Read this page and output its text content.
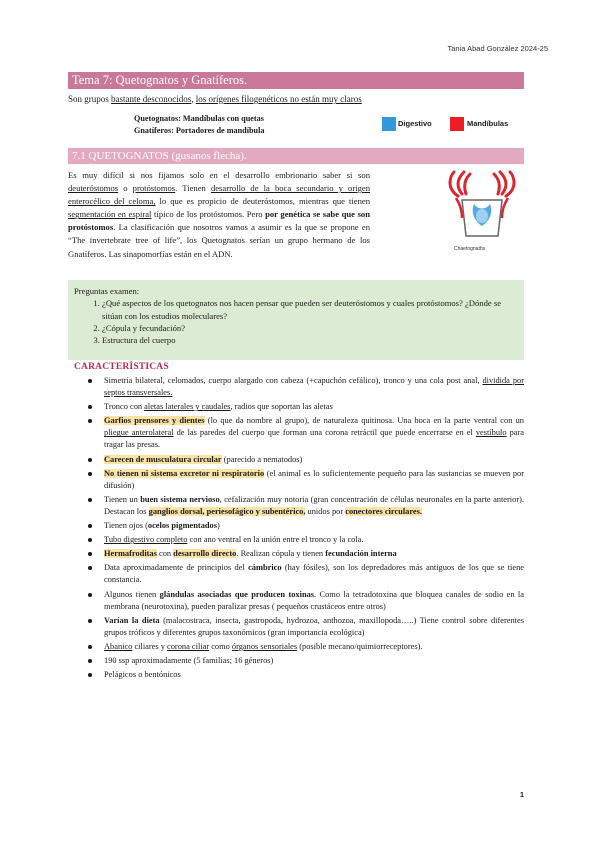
Tania Abad González 2024-25
Tema 7: Quetognatos y Gnatíferos.
Son grupos bastante desconocidos, los orígenes filogenéticos no están muy claros
Quetognatos: Mandíbulas con quetas
Gnatíferos: Portadores de mandíbula
Digestivo	Mandíbulas
7.1 QUETOGNATOS (gusanos flecha).
Es muy difícil si nos fijamos solo en el desarrollo embrionario saber si son deuteróstomos o protóstomos. Tienen desarrollo de la boca secundario y origen enterocélico del celoma, lo que es propicio de deuteróstomos, mientras que tienen segmentación en espiral típico de los protóstomos. Pero por genética se sabe que son protóstomos. La clasificación que nosotros vamos a asumir es la que se propone en “The invertebrate tree of life”, los Quetognatos serían un grupo hermano de los Gnatíferos. Las sinapomorfías están en el ADN.	Chaetognaths
Preguntas examen:
1. ¿Qué aspectos de los quetognatos nos hacen pensar que pueden ser deuteróstomos y cuales protóstomos? ¿Dónde se sitúan con los estudios moleculares?
2. ¿Cópula y fecundación?
3. Estructura del cuerpo
CARACTERÍSTICAS
Simetría bilateral, celomados, cuerpo alargado con cabeza (+capuchón cefálico), tronco y una cola post anal, dividida por septos transversales.
Tronco con aletas laterales y caudales, radios que soportan las aletas
Garfios prensores y dientes (lo que da nombre al grupo), de naturaleza quitinosa. Una boca en la parte ventral con un pliegue anterolateral de las paredes del cuerpo que forman una corona retráctil que puede encerrarse en el vestíbulo para tragar las presas.
Carecen de musculatura circular (parecido a nematodos)
No tienen ni sistema excretor ni respiratorio (el animal es lo suficientemente pequeño para las sustancias se mueven por difusión)
Tienen un buen sistema nervioso, cefalización muy notoria (gran concentración de células neuronales en la parte anterior). Destacan los ganglios dorsal, periesofágico y subentérico, unidos por conectores circulares.
Tienen ojos (ocelos pigmentados)
Tubo digestivo completo con ano ventral en la unión entre el tronco y la cola.
Hermafroditas con desarrollo directo. Realizan cópula y tienen fecundación interna
Data aproximadamente de principios del cámbrico (hay fósiles), son los depredadores más antiguos de los que se tiene constancia.
Algunos tienen glándulas asociadas que producen toxinas. Como la tetradotoxina que bloquea canales de sodio en la membrana (neurotoxina), pueden paralizar presas ( pequeños crustáceos entre otros)
Varían la dieta (malacostraca, insecta, gastropoda, hydrozoa, anthozoa, maxillopoda…..) Tiene control sobre diferentes grupos tróficos y diferentes grupos taxonómicos (gran importancia ecológica)
Abanico ciliares y corona ciliar como órganos sensoriales (posible mecano/quimiorreceptores).
190 ssp aproximadamente (5 familias; 16 géneros)
Pelágicos o bentónicos
1
